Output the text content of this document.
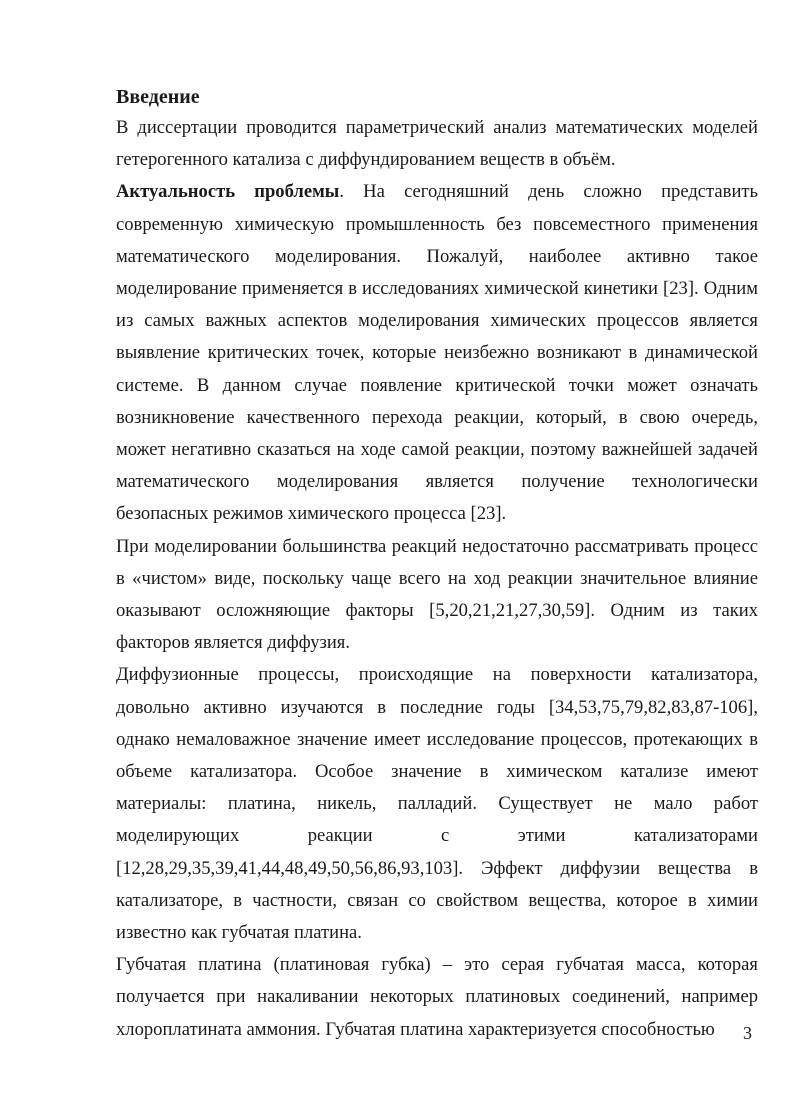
Введение

В диссертации проводится параметрический анализ математических моделей гетерогенного катализа с диффундированием веществ в объём.

Актуальность проблемы. На сегодняшний день сложно представить современную химическую промышленность без повсеместного применения математического моделирования. Пожалуй, наиболее активно такое моделирование применяется в исследованиях химической кинетики [23]. Одним из самых важных аспектов моделирования химических процессов является выявление критических точек, которые неизбежно возникают в динамической системе. В данном случае появление критической точки может означать возникновение качественного перехода реакции, который, в свою очередь, может негативно сказаться на ходе самой реакции, поэтому важнейшей задачей математического моделирования является получение технологически безопасных режимов химического процесса [23].

При моделировании большинства реакций недостаточно рассматривать процесс в «чистом» виде, поскольку чаще всего на ход реакции значительное влияние оказывают осложняющие факторы [5,20,21,21,27,30,59]. Одним из таких факторов является диффузия.

Диффузионные процессы, происходящие на поверхности катализатора, довольно активно изучаются в последние годы [34,53,75,79,82,83,87-106], однако немаловажное значение имеет исследование процессов, протекающих в объеме катализатора. Особое значение в химическом катализе имеют материалы: платина, никель, палладий. Существует не мало работ моделирующих реакции с этими катализаторами [12,28,29,35,39,41,44,48,49,50,56,86,93,103]. Эффект диффузии вещества в катализаторе, в частности, связан со свойством вещества, которое в химии известно как губчатая платина.

Губчатая платина (платиновая губка) – это серая губчатая масса, которая получается при накаливании некоторых платиновых соединений, например хлороплатината аммония. Губчатая платина характеризуется способностью	3
